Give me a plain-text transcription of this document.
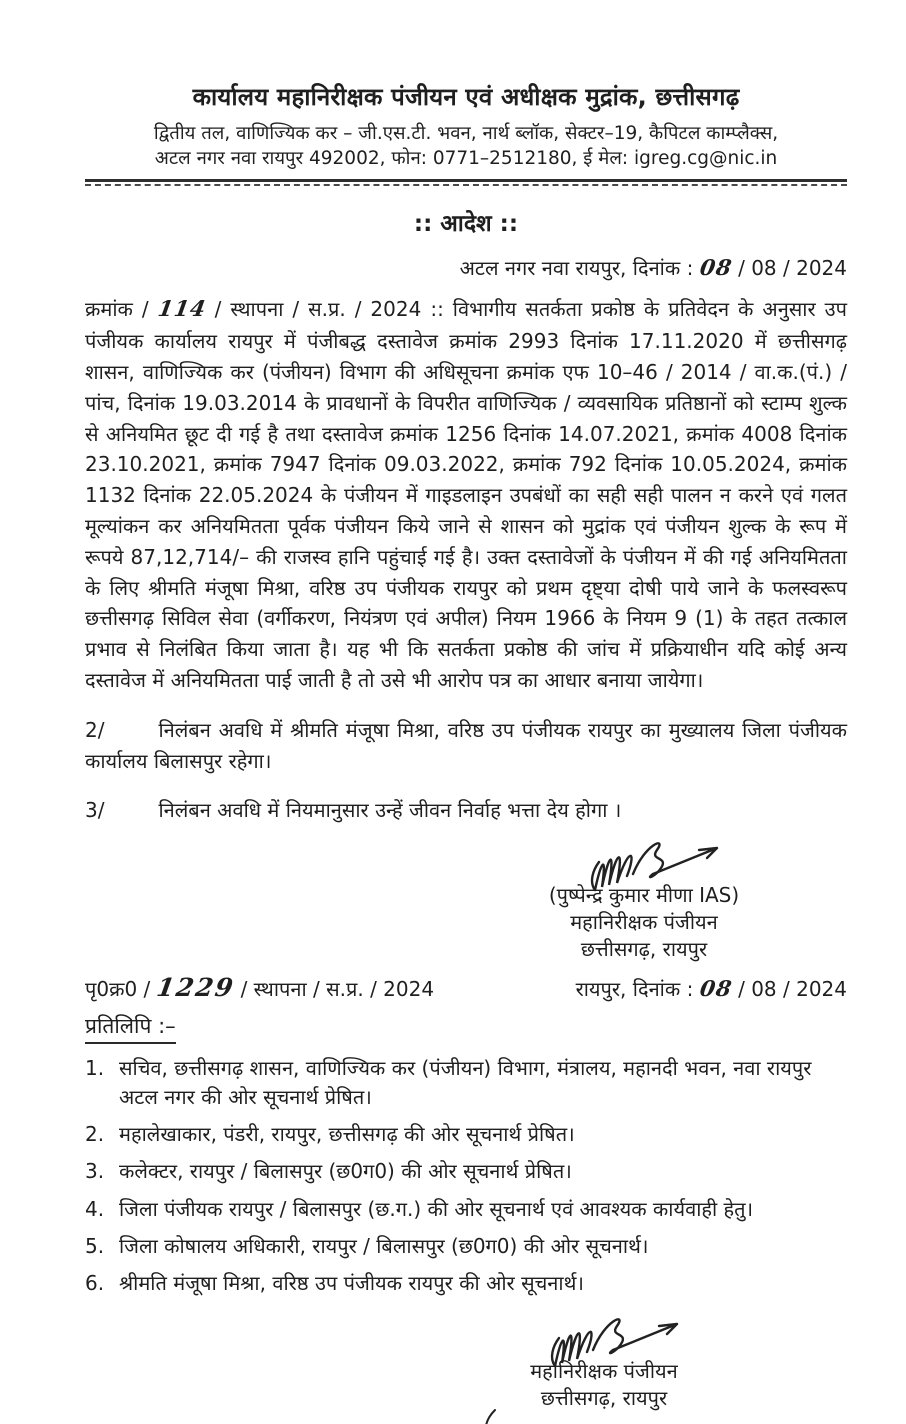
कार्यालय महानिरीक्षक पंजीयन एवं अधीक्षक मुद्रांक, छत्तीसगढ़
द्वितीय तल, वाणिज्यिक कर – जी.एस.टी. भवन, नार्थ ब्लॉक, सेक्टर–19, कैपिटल काम्प्लैक्स,
अटल नगर नवा रायपुर 492002, फोन: 0771–2512180, ई मेल: igreg.cg@nic.in
:: आदेश ::
अटल नगर नवा रायपुर, दिनांक : 08 / 08 / 2024

क्रमांक / 114 / स्थापना / स.प्र. / 2024 :: विभागीय सतर्कता प्रकोष्ठ के प्रतिवेदन के अनुसार उप पंजीयक कार्यालय रायपुर में पंजीबद्ध दस्तावेज क्रमांक 2993 दिनांक 17.11.2020 में छत्तीसगढ़ शासन, वाणिज्यिक कर (पंजीयन) विभाग की अधिसूचना क्रमांक एफ 10–46 / 2014 / वा.क.(पं.) / पांच, दिनांक 19.03.2014 के प्रावधानों के विपरीत वाणिज्यिक / व्यवसायिक प्रतिष्ठानों को स्टाम्प शुल्क से अनियमित छूट दी गई है तथा दस्तावेज क्रमांक 1256 दिनांक 14.07.2021, क्रमांक 4008 दिनांक 23.10.2021, क्रमांक 7947 दिनांक 09.03.2022, क्रमांक 792 दिनांक 10.05.2024, क्रमांक 1132 दिनांक 22.05.2024 के पंजीयन में गाइडलाइन उपबंधों का सही सही पालन न करने एवं गलत मूल्यांकन कर अनियमितता पूर्वक पंजीयन किये जाने से शासन को मुद्रांक एवं पंजीयन शुल्क के रूप में रूपये 87,12,714/– की राजस्व हानि पहुंचाई गई है। उक्त दस्तावेजों के पंजीयन में की गई अनियमितता के लिए श्रीमति मंजूषा मिश्रा, वरिष्ठ उप पंजीयक रायपुर को प्रथम दृष्ट्या दोषी पाये जाने के फलस्वरूप छत्तीसगढ़ सिविल सेवा (वर्गीकरण, नियंत्रण एवं अपील) नियम 1966 के नियम 9 (1) के तहत तत्काल प्रभाव से निलंबित किया जाता है। यह भी कि सतर्कता प्रकोष्ठ की जांच में प्रक्रियाधीन यदि कोई अन्य दस्तावेज में अनियमितता पाई जाती है तो उसे भी आरोप पत्र का आधार बनाया जायेगा।

2/	निलंबन अवधि में श्रीमति मंजूषा मिश्रा, वरिष्ठ उप पंजीयक रायपुर का मुख्यालय जिला पंजीयक कार्यालय बिलासपुर रहेगा।

3/	निलंबन अवधि में नियमानुसार उन्हें जीवन निर्वाह भत्ता देय होगा ।

(पुष्पेन्द्र कुमार मीणा IAS)
महानिरीक्षक पंजीयन
छत्तीसगढ़, रायपुर
पृ0क्र0 / 1229 / स्थापना / स.प्र. / 2024	रायपुर, दिनांक : 08 / 08 / 2024
प्रतिलिपि :–
1. सचिव, छत्तीसगढ़ शासन, वाणिज्यिक कर (पंजीयन) विभाग, मंत्रालय, महानदी भवन, नवा रायपुर अटल नगर की ओर सूचनार्थ प्रेषित।
2. महालेखाकार, पंडरी, रायपुर, छत्तीसगढ़ की ओर सूचनार्थ प्रेषित।
3. कलेक्टर, रायपुर / बिलासपुर (छ0ग0) की ओर सूचनार्थ प्रेषित।
4. जिला पंजीयक रायपुर / बिलासपुर (छ.ग.) की ओर सूचनार्थ एवं आवश्यक कार्यवाही हेतु।
5. जिला कोषालय अधिकारी, रायपुर / बिलासपुर (छ0ग0) की ओर सूचनार्थ।
6. श्रीमति मंजूषा मिश्रा, वरिष्ठ उप पंजीयक रायपुर की ओर सूचनार्थ।
महानिरीक्षक पंजीयन
छत्तीसगढ़, रायपुर
